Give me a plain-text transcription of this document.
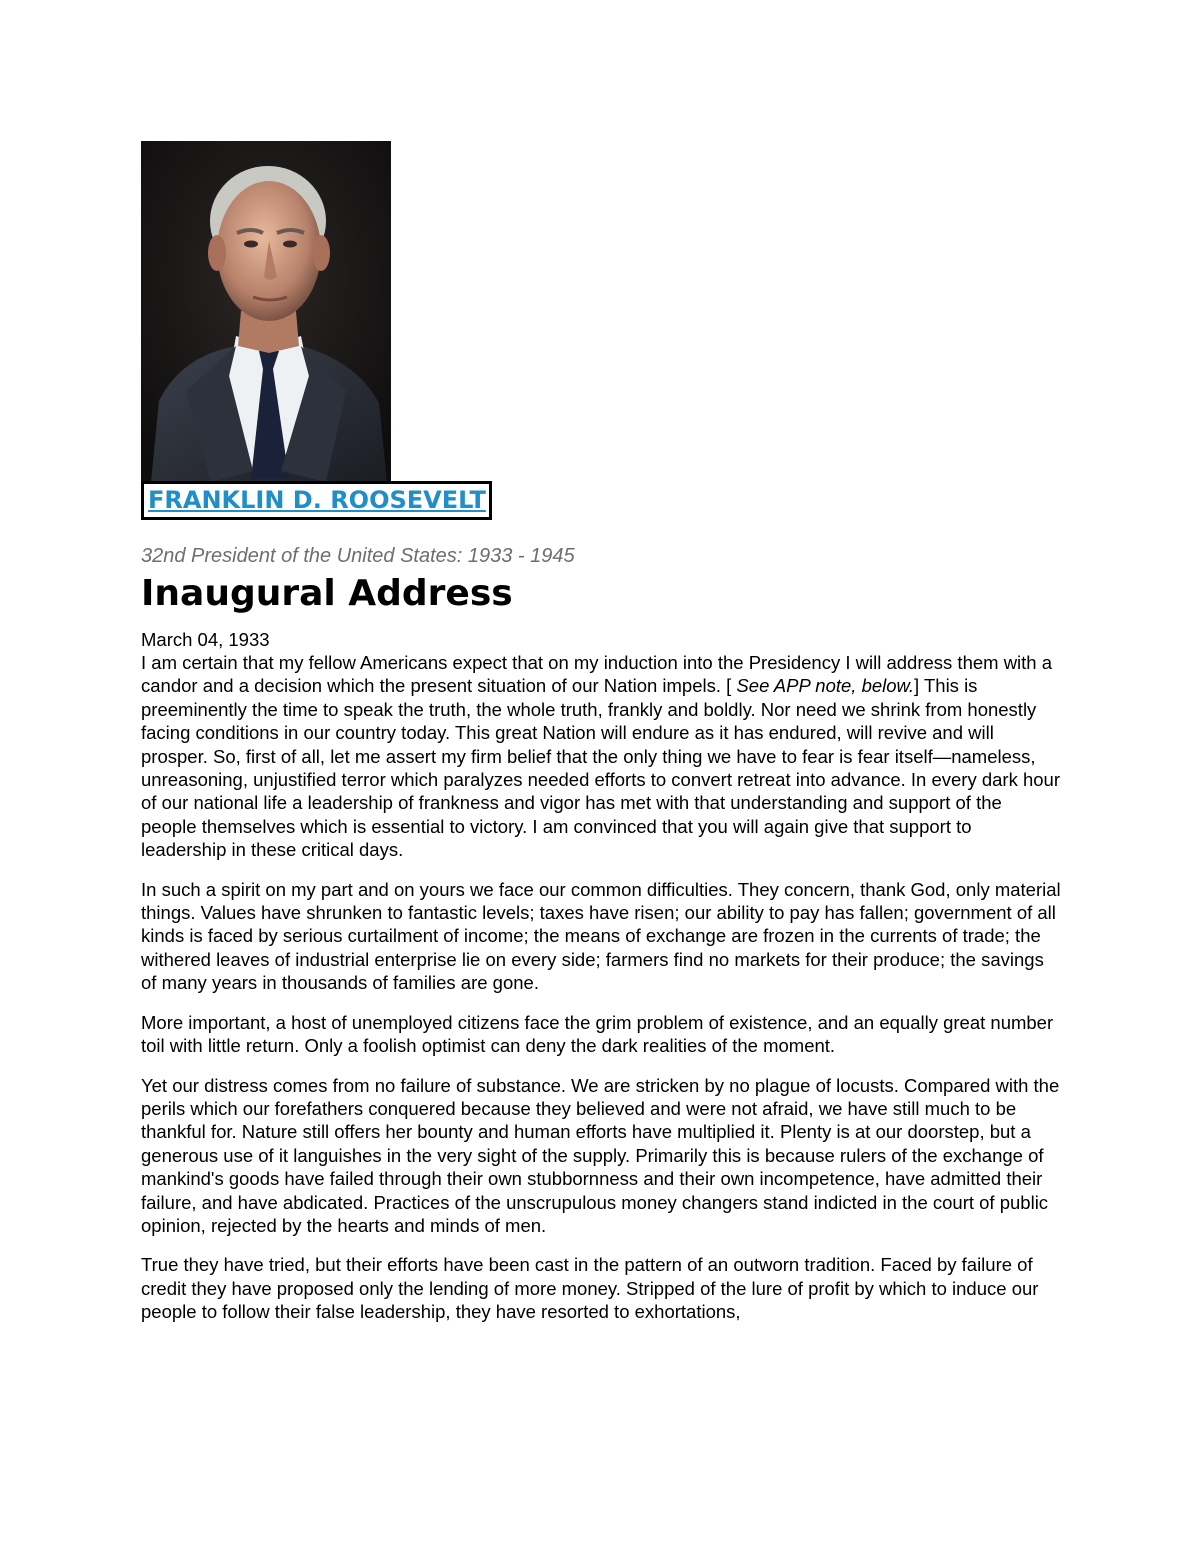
FRANKLIN D. ROOSEVELT
32nd President of the United States: 1933 - 1945
Inaugural Address
March 04, 1933

I am certain that my fellow Americans expect that on my induction into the Presidency I will address them with a candor and a decision which the present situation of our Nation impels. [ See APP note, below.] This is preeminently the time to speak the truth, the whole truth, frankly and boldly. Nor need we shrink from honestly facing conditions in our country today. This great Nation will endure as it has endured, will revive and will prosper. So, first of all, let me assert my firm belief that the only thing we have to fear is fear itself—nameless, unreasoning, unjustified terror which paralyzes needed efforts to convert retreat into advance. In every dark hour of our national life a leadership of frankness and vigor has met with that understanding and support of the people themselves which is essential to victory. I am convinced that you will again give that support to leadership in these critical days.

In such a spirit on my part and on yours we face our common difficulties. They concern, thank God, only material things. Values have shrunken to fantastic levels; taxes have risen; our ability to pay has fallen; government of all kinds is faced by serious curtailment of income; the means of exchange are frozen in the currents of trade; the withered leaves of industrial enterprise lie on every side; farmers find no markets for their produce; the savings of many years in thousands of families are gone.

More important, a host of unemployed citizens face the grim problem of existence, and an equally great number toil with little return. Only a foolish optimist can deny the dark realities of the moment.

Yet our distress comes from no failure of substance. We are stricken by no plague of locusts. Compared with the perils which our forefathers conquered because they believed and were not afraid, we have still much to be thankful for. Nature still offers her bounty and human efforts have multiplied it. Plenty is at our doorstep, but a generous use of it languishes in the very sight of the supply. Primarily this is because rulers of the exchange of mankind's goods have failed through their own stubbornness and their own incompetence, have admitted their failure, and have abdicated. Practices of the unscrupulous money changers stand indicted in the court of public opinion, rejected by the hearts and minds of men.

True they have tried, but their efforts have been cast in the pattern of an outworn tradition. Faced by failure of credit they have proposed only the lending of more money. Stripped of the lure of profit by which to induce our people to follow their false leadership, they have resorted to exhortations,
